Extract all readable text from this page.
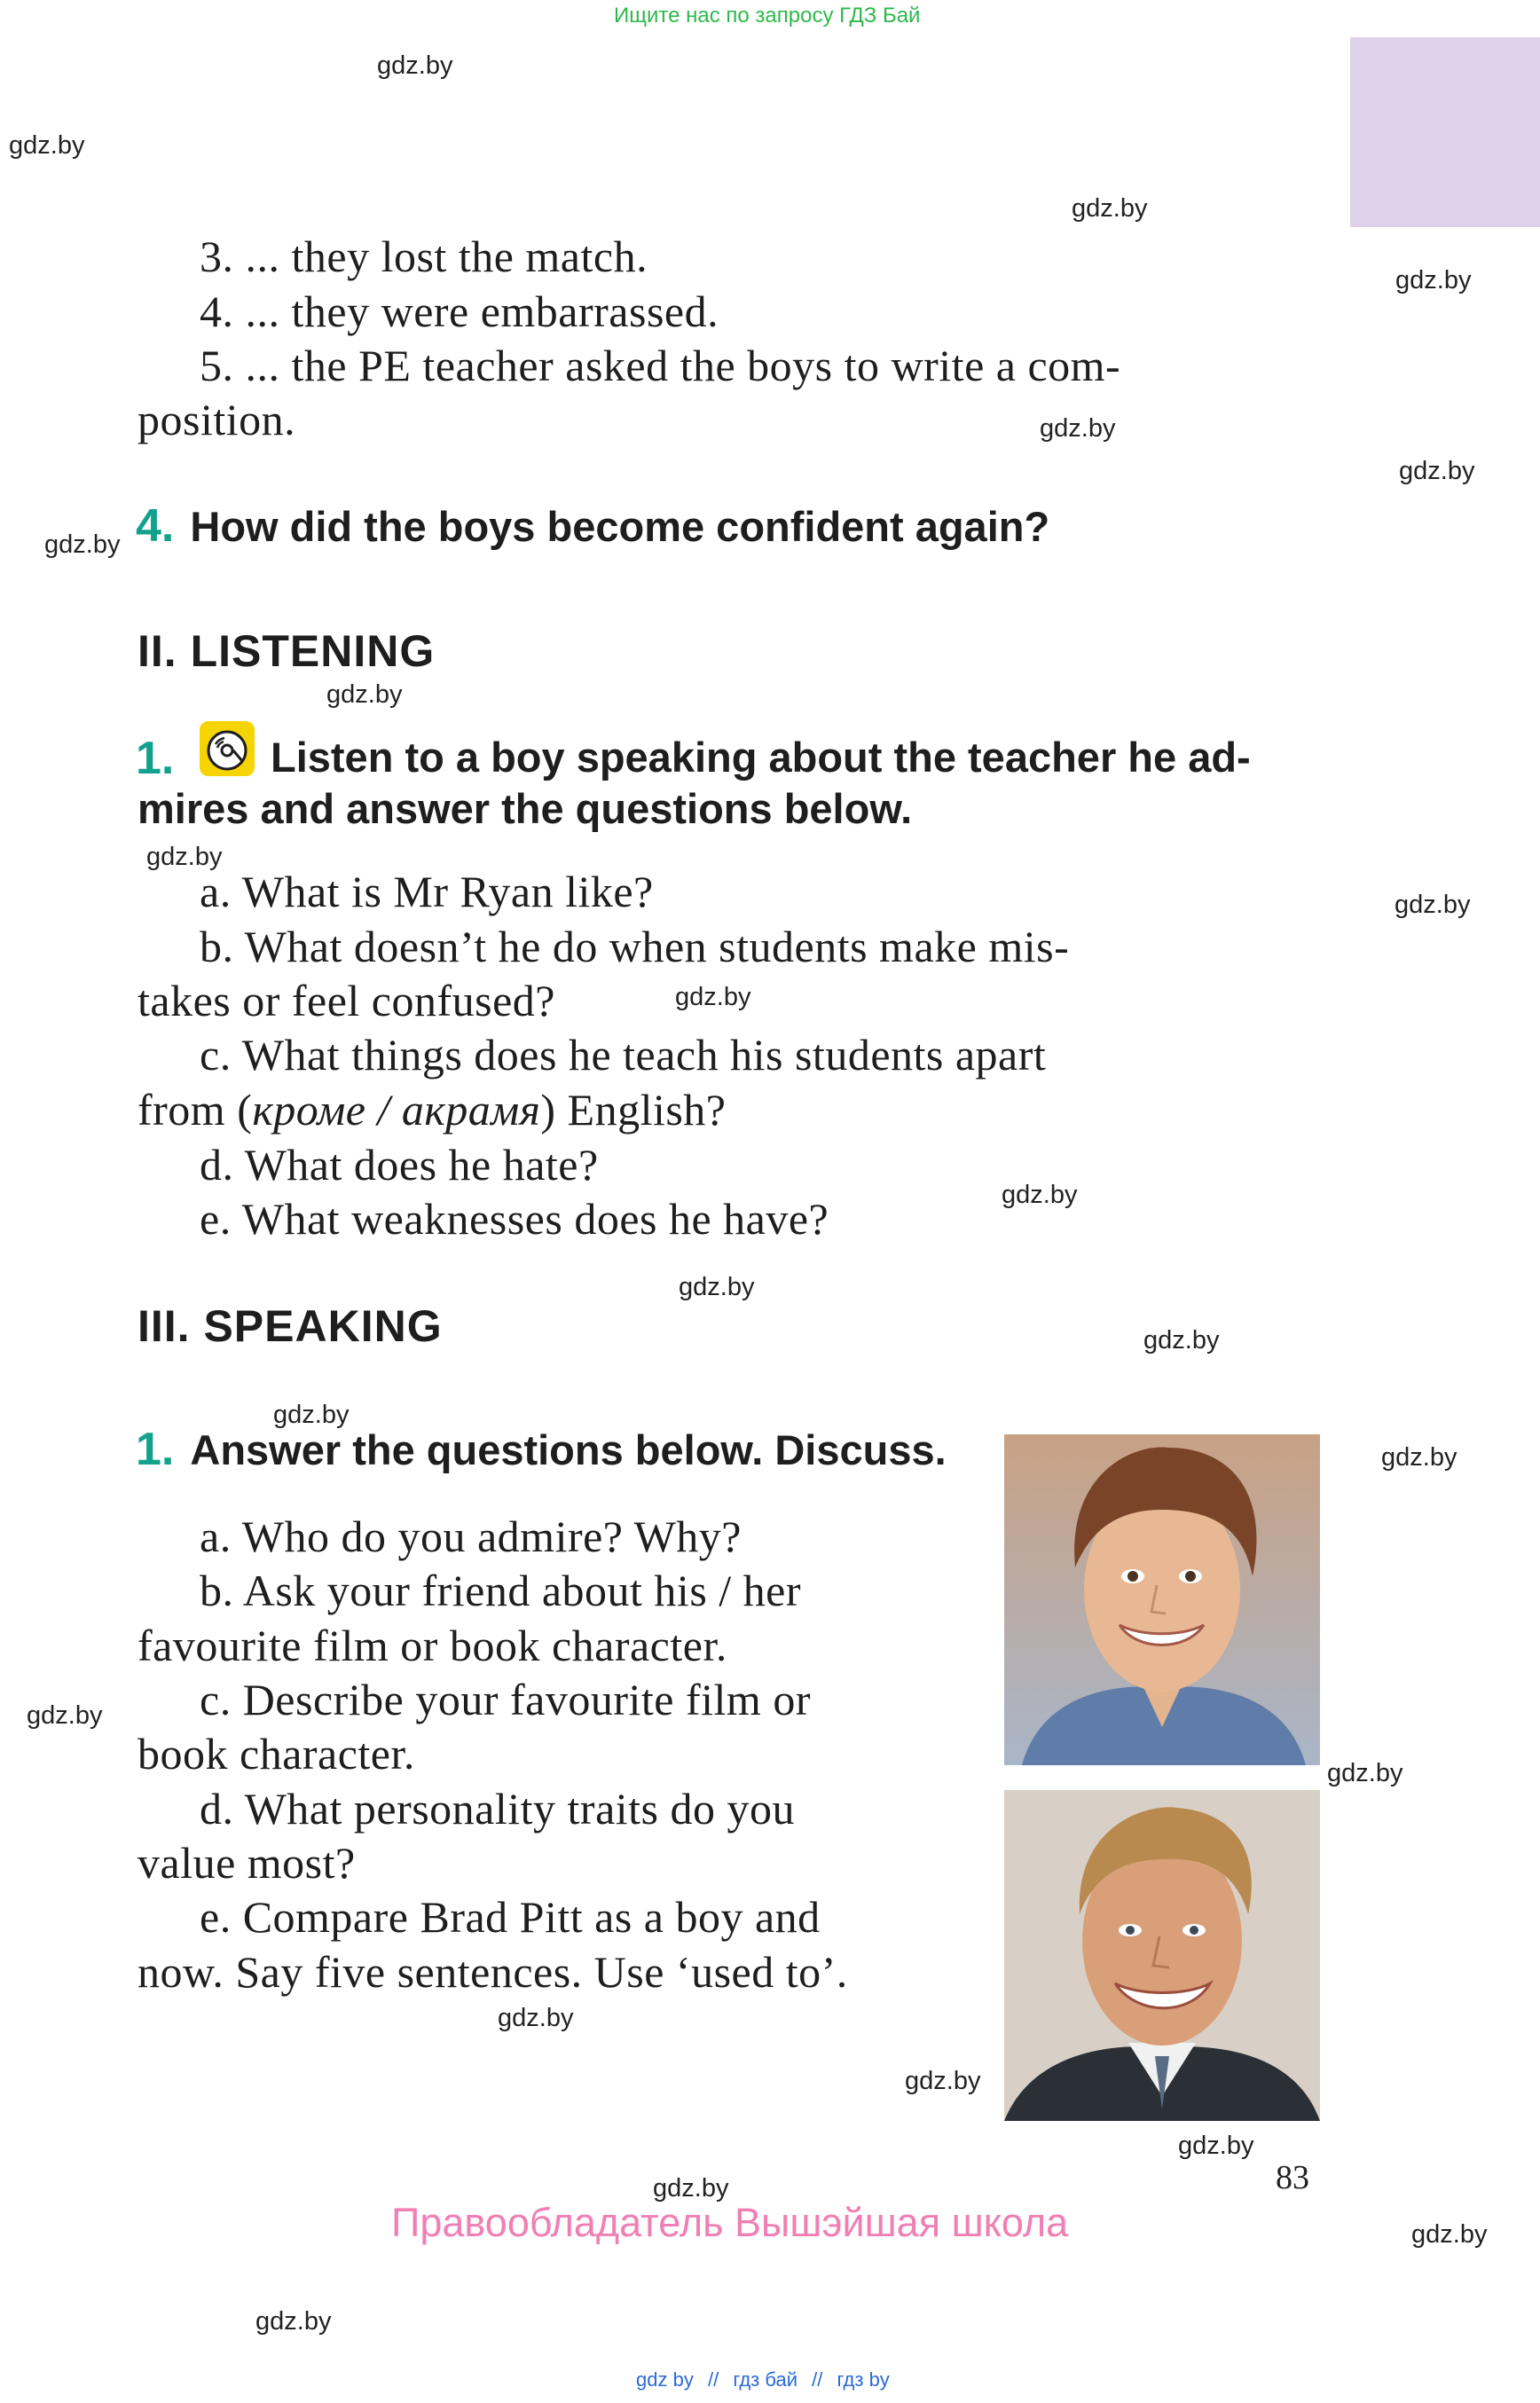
Ищите нас по запросу ГДЗ Бай
gdz.by
gdz.by
gdz.by
gdz.by
gdz.by
gdz.by
gdz.by
gdz.by
gdz.by
gdz.by
gdz.by
gdz.by
gdz.by
gdz.by
gdz.by
gdz.by
gdz.by
gdz.by
gdz.by
gdz.by
gdz.by
gdz.by
gdz.by
gdz.by
3. ... they lost the match.
4. ... they were embarrassed.
5. ... the PE teacher asked the boys to write a com-
position.
4. How did the boys become confident again?
II. LISTENING
1. Listen to a boy speaking about the teacher he ad-
mires and answer the questions below.
a. What is Mr Ryan like?
b. What doesn’t he do when students make mis-
takes or feel confused?
c. What things does he teach his students apart
from (кроме / акрамя) English?
d. What does he hate?
e. What weaknesses does he have?
III. SPEAKING
1. Answer the questions below. Discuss.
a. Who do you admire? Why?
b. Ask your friend about his / her
favourite film or book character.
c. Describe your favourite film or
book character.
d. What personality traits do you
value most?
e. Compare Brad Pitt as a boy and
now. Say five sentences. Use ‘used to’.
83
Правообладатель Вышэйшая школа
gdz by // гдз бай // гдз by
